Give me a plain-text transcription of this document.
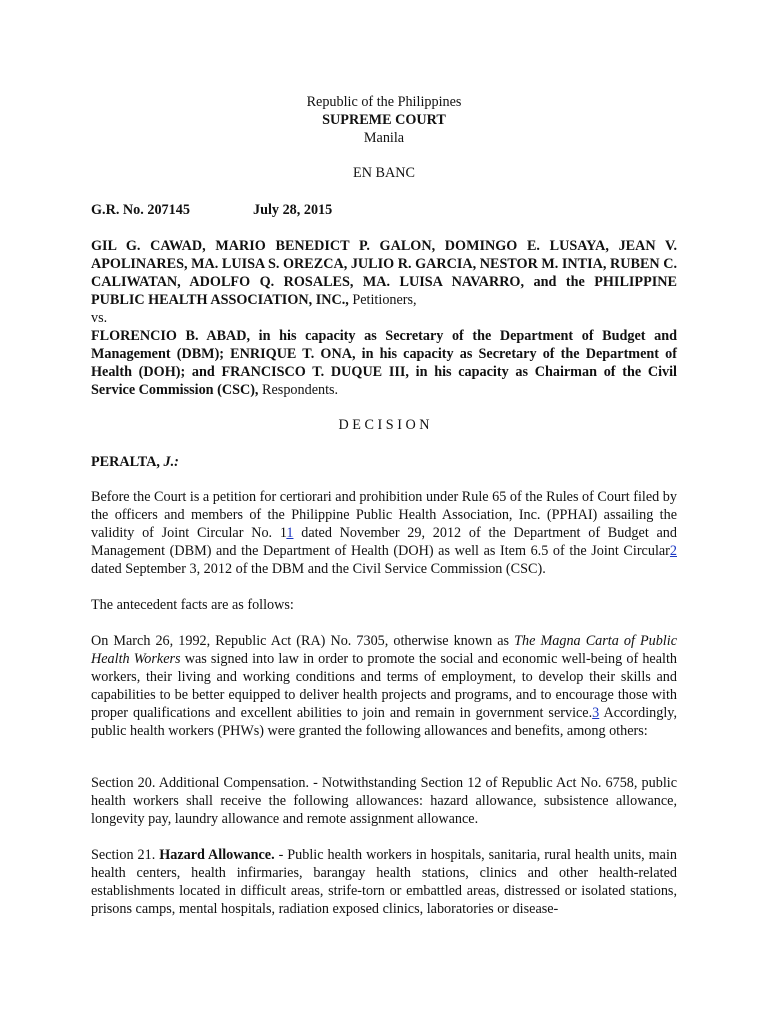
Republic of the Philippines
SUPREME COURT
Manila
EN BANC
G.R. No. 207145	July 28, 2015
GIL G. CAWAD, MARIO BENEDICT P. GALON, DOMINGO E. LUSAYA, JEAN V. APOLINARES, MA. LUISA S. OREZCA, JULIO R. GARCIA, NESTOR M. INTIA, RUBEN C. CALIWATAN, ADOLFO Q. ROSALES, MA. LUISA NAVARRO, and the PHILIPPINE PUBLIC HEALTH ASSOCIATION, INC., Petitioners,
vs.
FLORENCIO B. ABAD, in his capacity as Secretary of the Department of Budget and Management (DBM); ENRIQUE T. ONA, in his capacity as Secretary of the Department of Health (DOH); and FRANCISCO T. DUQUE III, in his capacity as Chairman of the Civil Service Commission (CSC), Respondents.
D E C I S I O N
PERALTA, J.:
Before the Court is a petition for certiorari and prohibition under Rule 65 of the Rules of Court filed by the officers and members of the Philippine Public Health Association, Inc. (PPHAI) assailing the validity of Joint Circular No. 11 dated November 29, 2012 of the Department of Budget and Management (DBM) and the Department of Health (DOH) as well as Item 6.5 of the Joint Circular2 dated September 3, 2012 of the DBM and the Civil Service Commission (CSC).
The antecedent facts are as follows:
On March 26, 1992, Republic Act (RA) No. 7305, otherwise known as The Magna Carta of Public Health Workers was signed into law in order to promote the social and economic well-being of health workers, their living and working conditions and terms of employment, to develop their skills and capabilities to be better equipped to deliver health projects and programs, and to encourage those with proper qualifications and excellent abilities to join and remain in government service.3 Accordingly, public health workers (PHWs) were granted the following allowances and benefits, among others:
Section 20. Additional Compensation. - Notwithstanding Section 12 of Republic Act No. 6758, public health workers shall receive the following allowances: hazard allowance, subsistence allowance, longevity pay, laundry allowance and remote assignment allowance.
Section 21. Hazard Allowance. - Public health workers in hospitals, sanitaria, rural health units, main health centers, health infirmaries, barangay health stations, clinics and other health-related establishments located in difficult areas, strife-torn or embattled areas, distressed or isolated stations, prisons camps, mental hospitals, radiation exposed clinics, laboratories or disease-
